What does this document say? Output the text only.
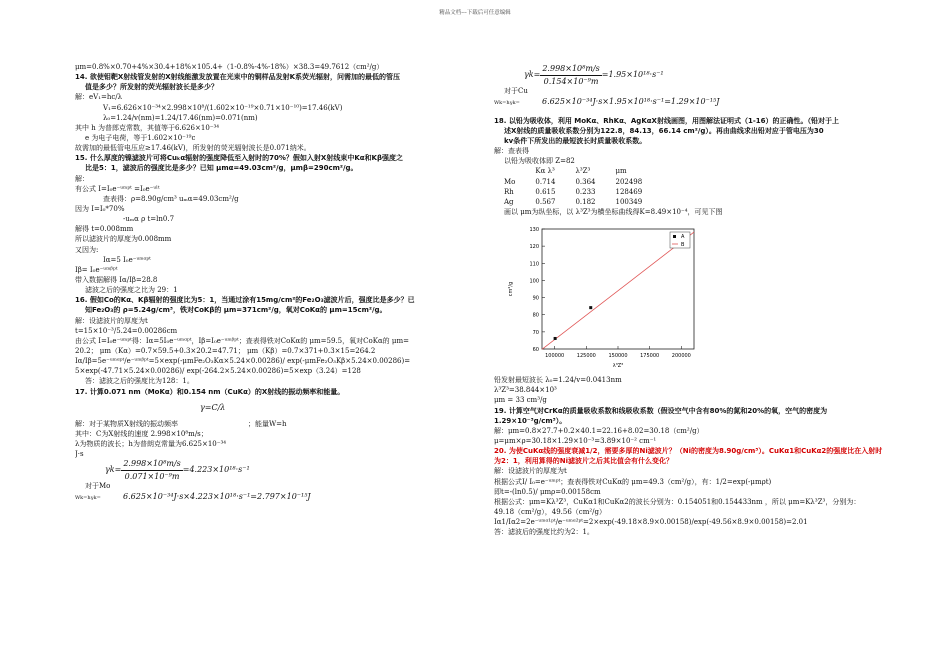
精品文档---下载后可任意编辑
μm=0.8%×0.70+4%×30.4+18%×105.4+（1-0.8%-4%-18%）×38.3=49.7612（cm²/g）
14. 欲使钼靶X射线管发射的X射线能激发放置在光束中的铜样品发射K系荧光辐射，问需加的最低的管压
值是多少？所发射的荧光辐射波长是多少？
解：eV₁=hc/λ
V₁=6.626×10⁻³⁴×2.998×10⁸/(1.602×10⁻¹⁹×0.71×10⁻¹⁰)=17.46(kV)
λ₀=1.24/v(nm)=1.24/17.46(nm)=0.071(nm)
其中 h 为普郎克常数，其值等于6.626×10⁻³⁴
e 为电子电荷，等于1.602×10⁻¹⁹c
故需加的最低管电压应≥17.46(kV)，所发射的荧光辐射波长是0.071纳米。
15. 什么厚度的镍滤波片可将Cuₖα辐射的强度降低至入射时的70%？假如入射X射线束中Kα和Kβ强度之
比是5：1，滤波后的强度比是多少？已知 μmα=49.03cm²/g，μmβ=290cm²/g。
解：
有公式 I=I₀e⁻ᵘᵐᵖᵗ =I₀e⁻ᵘˡᵗ
查表得：ρ=8.90g/cm³ uₘα=49.03cm²/g
因为 I=I₀*70%
-uₘα ρ t=ln0.7
解得 t=0.008mm
所以滤波片的厚度为0.008mm
又因为:
Iα=5 I₀e⁻ᵘᵐᵅᵖᵗ
Iβ= I₀e⁻ᵘᵐᵝᵖᵗ
带入数据解得 Iα/Iβ=28.8
滤波之后的强度之比为 29：1
16. 假如Co的Kα、Kβ辐射的强度比为5：1，当通过涂有15mg/cm²的Fe₂O₃滤波片后，强度比是多少？已
知Fe₂O₃的 ρ=5.24g/cm³，铁对CoKβ的 μm=371cm²/g，氧对CoKα的 μm=15cm²/g。
解：设滤波片的厚度为t
t=15×10⁻³/5.24=0.00286cm
由公式 I=I₀e⁻ᵘᵐᵖᵗ得：Iα=5I₀e⁻ᵘᵐᵅᵖᵗ，Iβ=I₀e⁻ᵘᵐᵝᵖᵗ；查表得铁对CoKα的 μm=59.5，氧对CoKα的 μm=
20.2； μm（Kα）=0.7×59.5+0.3×20.2=47.71； μm（Kβ）=0.7×371+0.3×15=264.2
Iα/Iβ=5e⁻ᵘᵐᵅᵖᵗ/e⁻ᵘᵐᵝᵖᵗ=5×exp(-μmFe₂O₃Kα×5.24×0.00286)/ exp(-μmFe₂O₃Kβ×5.24×0.00286)=
5×exp(-47.71×5.24×0.00286)/ exp(-264.2×5.24×0.00286)=5×exp（3.24）=128
答：滤波之后的强度比为128：1。
17. 计算0.071 nm（MoKα）和0.154 nm（CuKα）的X射线的振动频率和能量。
γ=C/λ
解：对于某物质X射线的振动频率	；能量W=h
其中：C为X射线的速度 2.998×10⁸m/s；
λ为物质的波长；h为普朗克常量为6.625×10⁻³⁴
J·s
$\gamma k= \frac{\text{2.998×10⁸m/s}}{\text{0.071×10⁻⁹m}} =4.223\times 10^{18}\cdot s^{-1}$
对于Mo
Wk=hγk=	6.625×10⁻³⁴J·s×4.223×10¹⁸·s⁻¹=2.797×10⁻¹⁵J
$\gamma k= \frac{\text{2.998×10⁸m/s}}{\text{0.154×10⁻⁹m}} =1.95\times 10^{18}\cdot s^{-1}$
对于Cu
Wk=hγk=	6.625×10⁻³⁴J·s×1.95×10¹⁸·s⁻¹=1.29×10⁻¹⁵J
18. 以铅为吸收体，利用 MoKα、RhKα、AgKαX射线画图，用图解法证明式（1-16）的正确性。（铅对于上
述X射线的质量吸收系数分别为122.8，84.13，66.14 cm²/g）。再由曲线求出铅对应于管电压为30
kv条件下所发出的最短波长时质量吸收系数。
解：查表得
以铅为吸收体即 Z=82
	Kα λ³	λ³Z³	μm
Mo	0.714	0.364	202498
Rh	0.615	0.233	128469
Ag	0.567	0.182	100349
画以 μm为纵坐标，以 λ³Z³为横坐标曲线得K=8.49×10⁻⁴，可见下图
60
70
80
90
100
110
120
130
100000	125000	150000	175000	200000
λ³Z³
cm²/g
A
B
铅发射最短波长 λ₀=1.24/v=0.0413nm
λ³Z³=38.844×10³
μm = 33 cm³/g
19. 计算空气对CrKα的质量吸收系数和线吸收系数（假设空气中含有80%的氮和20%的氧，空气的密度为1.29×10⁻³g/cm³）。
解：μm=0.8×27.7+0.2×40.1=22.16+8.02=30.18（cm²/g）
μ=μm×ρ=30.18×1.29×10⁻³=3.89×10⁻² cm⁻¹
20. 为使CuKα线的强度衰减1/2，需要多厚的Ni滤波片？（Ni的密度为8.90g/cm³）。CuKα1和CuKα2的强度比在入射时为2：1，利用算得的Ni滤波片之后其比值会有什么变化？
解：设滤波片的厚度为t
根据公式I/ I₀=e⁻ᵘᵐᵖᵗ；查表得铁对CuKα的 μm=49.3（cm²/g），有：1/2=exp(-μmρt)
即t=-(ln0.5)/ μmρ=0.00158cm
根据公式：μm=Kλ³Z³，CuKα1和CuKα2的波长分别为：0.154051和0.154433nm ，所以 μm=Kλ³Z³，分别为：
49.18（cm²/g），49.56（cm²/g）
Iα1/Iα2=2e⁻ᵘᵐᵅ¹ᵖᵗ/e⁻ᵘᵐᵅ²ᵖᵗ=2×exp(-49.18×8.9×0.00158)/exp(-49.56×8.9×0.00158)=2.01
答：滤波后的强度比约为2：1。
